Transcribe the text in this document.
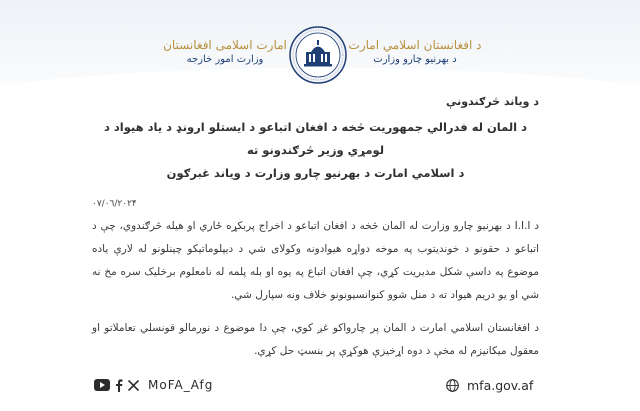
امارت اسلامی افغانستان
وزارت امور خارجه
د افغانستان اسلامي امارت
د بهرنیو چارو وزارت
د ویاند څرګندونې
د المان له فدرالي جمهوریت څخه د افغان اتباعو د ایستلو ارونډ د یاد هیواد د لومړي وزیر څرګندونو ته
د اسلامي امارت د بهرنیو چارو وزارت د ویاند غبرګون
۰۷/۰٦/۲۰۲۴

د I.I.I د بهرنیو چارو وزارت له المان څخه د افغان اتباعو د اخراج پربکړه ځاري او هیله څرګندوي، چې د اتباعو د حقونو د خوندیتوب په موخه دواړه هیوادونه وکولای شي د دیپلوماتیکو چینلونو له لارې یاده موضوع په داسې شکل مدیریت کړي، چې افغان اتباع په یوه او بله پلمه له نامعلوم برخلیک سره مخ نه شي او یو دریم هیواد ته د منل شوو کنوانسیونونو خلاف ونه سپارل شي.

د افغانستان اسلامي امارت د المان پر چارواکو غږ کوي، چې دا موضوع د نورمالو قونسلي تعاملاتو او معقول میکانیزم له مخې د دوه اړخیزې هوکړې پر بنسټ حل کړي.

MoFA_Afg	mfa.gov.af
